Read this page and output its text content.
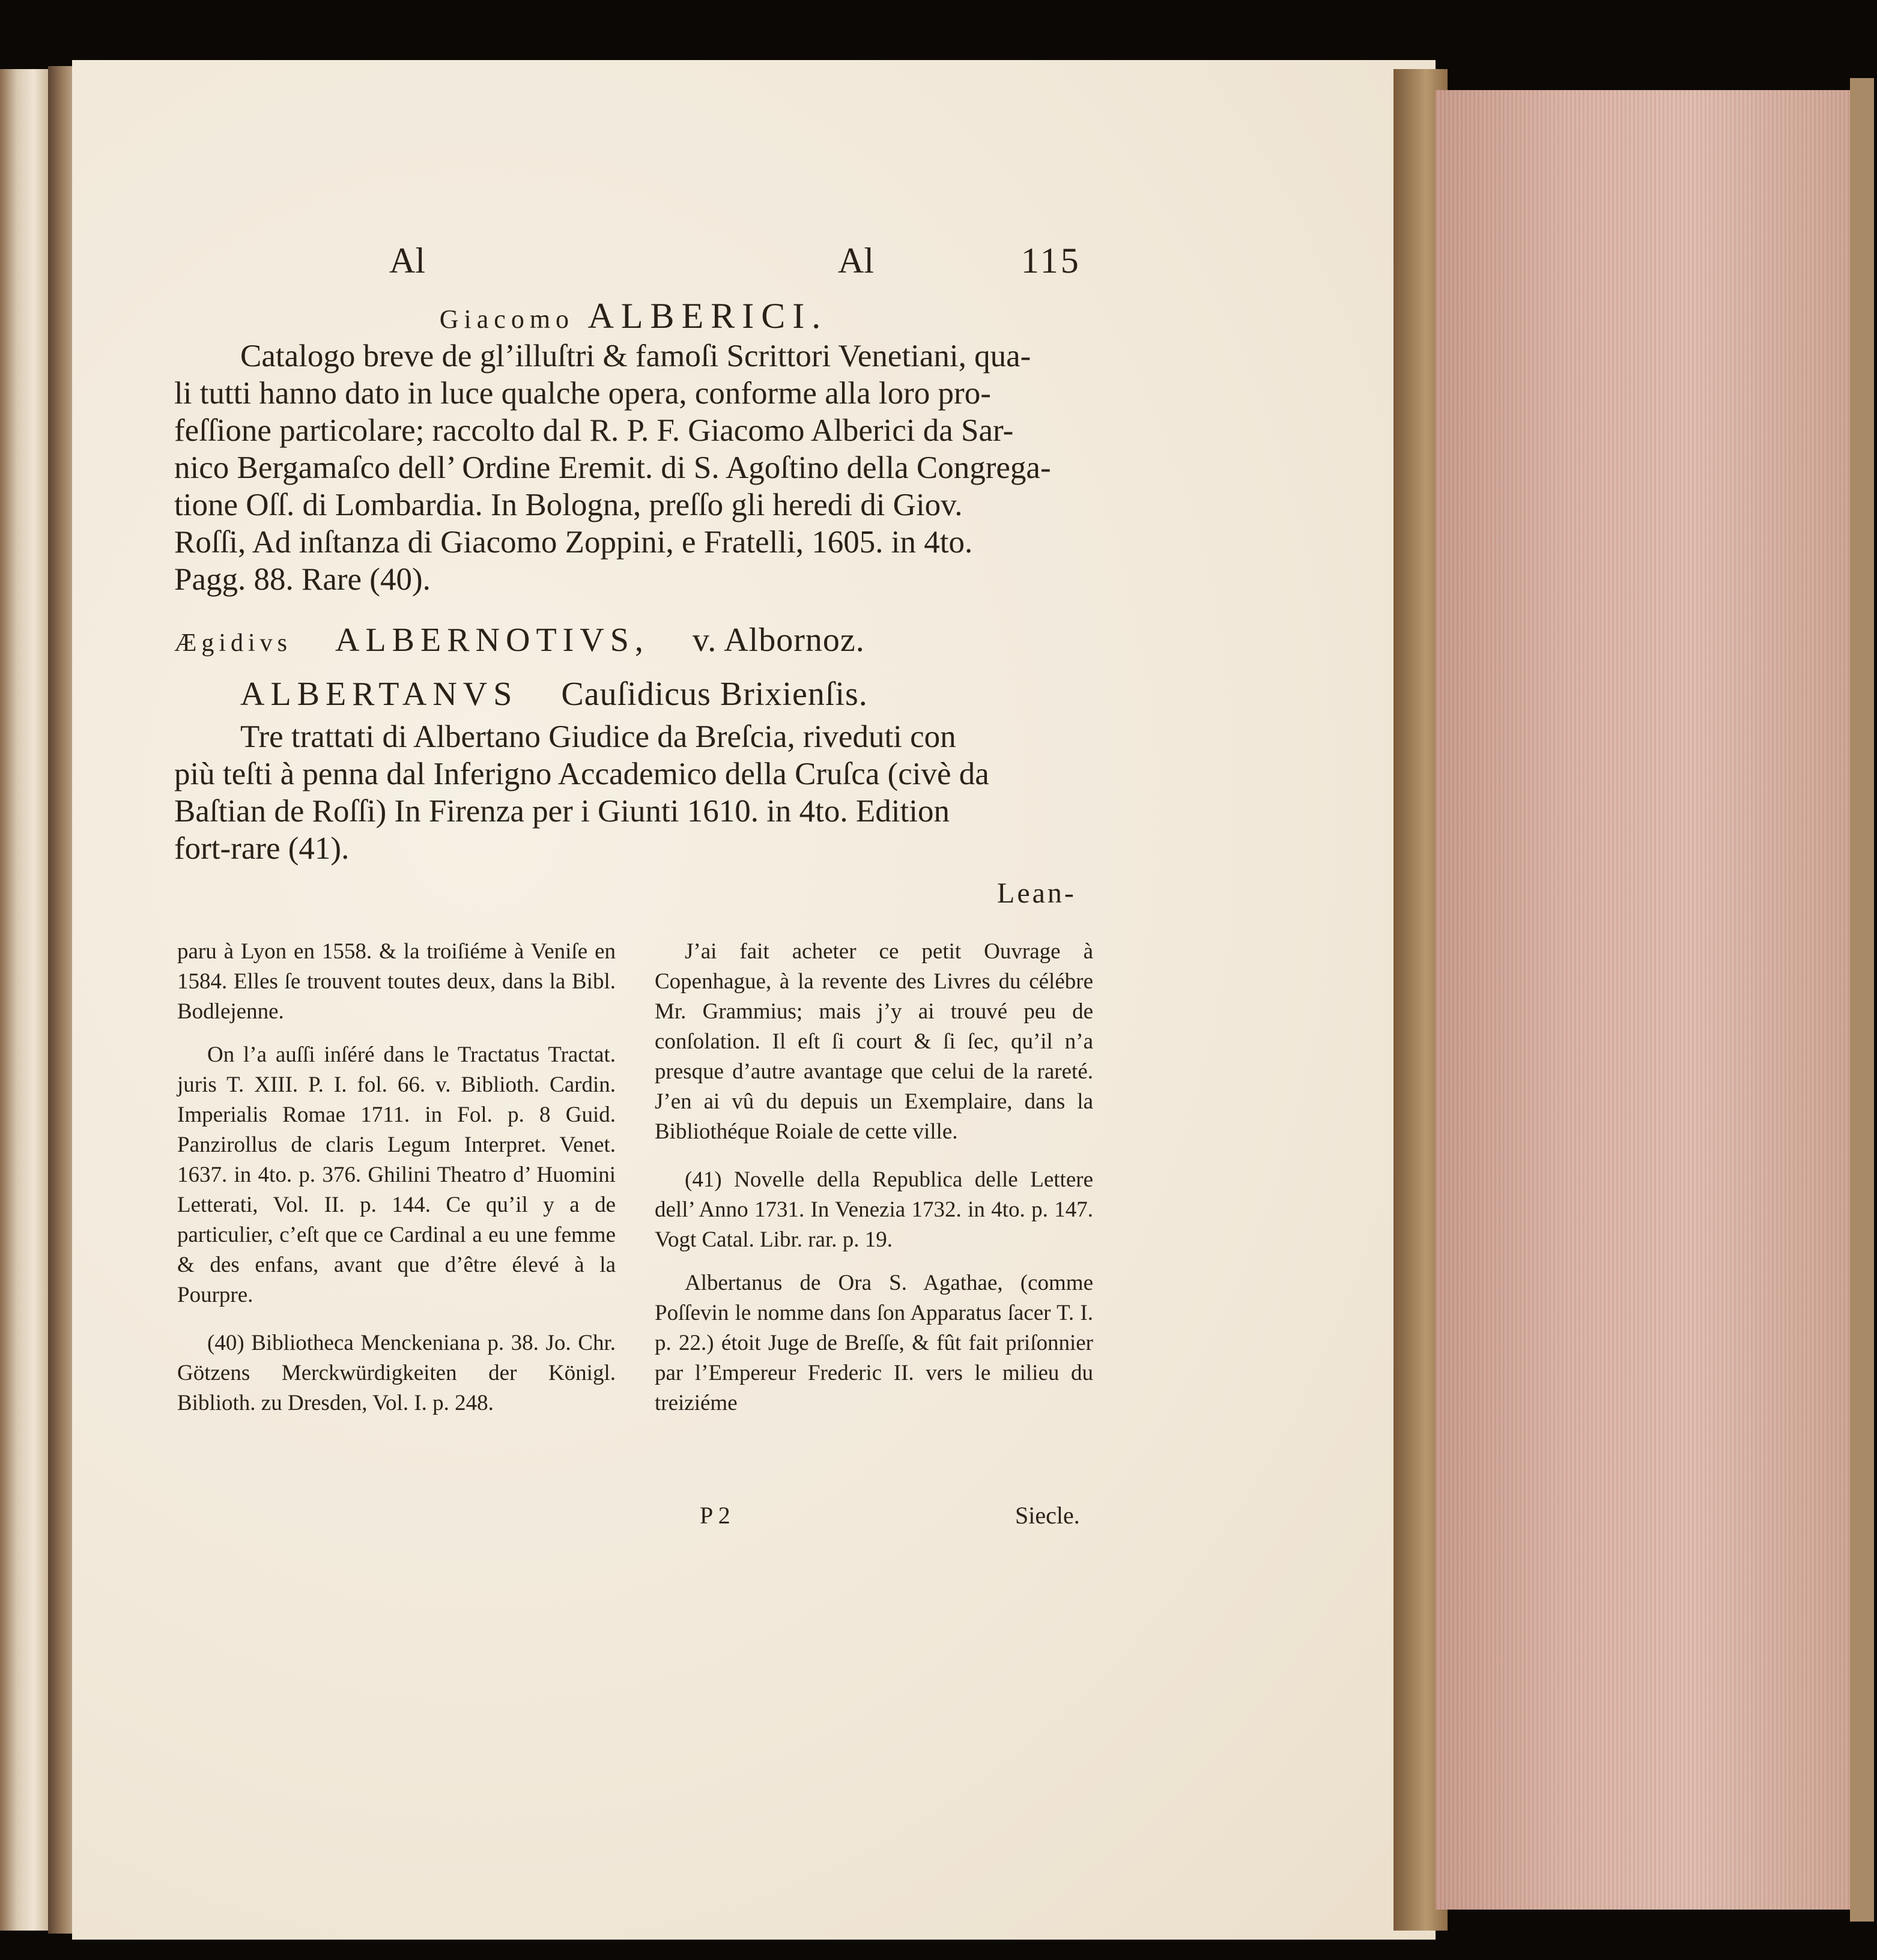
Al	Al	115
Giacomo ALBERICI.
Catalogo breve de gl’illuſtri & famoſi Scrittori Venetiani, qua-
li tutti hanno dato in luce qualche opera, conforme alla loro pro-
feſſione particolare; raccolto dal R. P. F. Giacomo Alberici da Sar-
nico Bergamaſco dell’ Ordine Eremit. di S. Agoſtino della Congrega-
tione Oſſ. di Lombardia. In Bologna, preſſo gli heredi di Giov.
Roſſi, Ad inſtanza di Giacomo Zoppini, e Fratelli, 1605. in 4to.
Pagg. 88. Rare (40).
Ægidivs ALBERNOTIVS, v. Albornoz.
ALBERTANVS Cauſidicus Brixienſis.
Tre trattati di Albertano Giudice da Breſcia, riveduti con
più teſti à penna dal Inferigno Accademico della Cruſca (civè da
Baſtian de Roſſi) In Firenza per i Giunti 1610. in 4to. Edition
fort-rare (41).
Lean-

paru à Lyon en 1558. & la troiſiéme à Veniſe en 1584. Elles ſe trouvent toutes deux, dans la Bibl. Bodlejenne.

On l’a auſſi inſéré dans le Tractatus Tractat. juris T. XIII. P. I. fol. 66. v. Biblioth. Cardin. Imperialis Romae 1711. in Fol. p. 8 Guid. Panzirollus de claris Legum Interpret. Venet. 1637. in 4to. p. 376. Ghilini Theatro d’ Huomini Letterati, Vol. II. p. 144. Ce qu’il y a de particulier, c’eſt que ce Cardinal a eu une femme & des enfans, avant que d’être élevé à la Pourpre.

(40) Bibliotheca Menckeniana p. 38. Jo. Chr. Götzens Merckwürdigkeiten der Königl. Biblioth. zu Dresden, Vol. I. p. 248.

J’ai fait acheter ce petit Ouvrage à Copenhague, à la revente des Livres du célébre Mr. Grammius; mais j’y ai trouvé peu de conſolation. Il eſt ſi court & ſi ſec, qu’il n’a presque d’autre avantage que celui de la rareté. J’en ai vû du depuis un Exemplaire, dans la Bibliothéque Roiale de cette ville.

(41) Novelle della Republica delle Lettere dell’ Anno 1731. In Venezia 1732. in 4to. p. 147. Vogt Catal. Libr. rar. p. 19.

Albertanus de Ora S. Agathae, (comme Poſſevin le nomme dans ſon Apparatus ſacer T. I. p. 22.) étoit Juge de Breſſe, & fût fait priſonnier par l’Empereur Frederic II. vers le milieu du treiziéme

P 2	Siecle.
